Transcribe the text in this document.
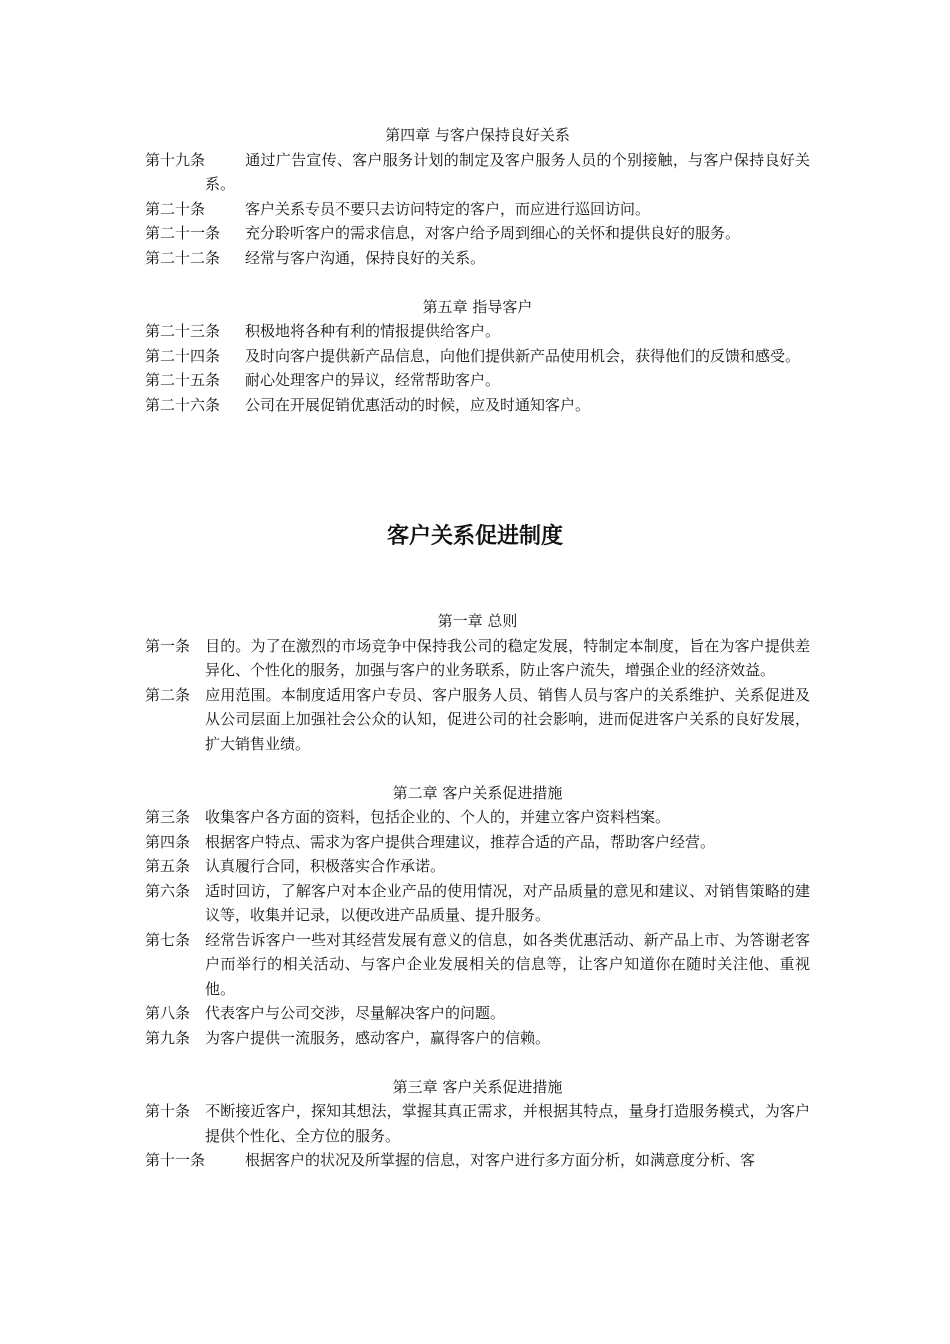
第四章 与客户保持良好关系

第十九条	通过广告宣传、客户服务计划的制定及客户服务人员的个别接触，与客户保持良好关系。

第二十条	客户关系专员不要只去访问特定的客户，而应进行巡回访问。
第二十一条	充分聆听客户的需求信息，对客户给予周到细心的关怀和提供良好的服务。
第二十二条	经常与客户沟通，保持良好的关系。

第五章 指导客户

第二十三条	积极地将各种有利的情报提供给客户。

第二十四条 及时向客户提供新产品信息，向他们提供新产品使用机会，获得他们的反馈和感受。

第二十五条	耐心处理客户的异议，经常帮助客户。
第二十六条	公司在开展促销优惠活动的时候，应及时通知客户。
客户关系促进制度

第一章 总则

第一条 目的。为了在激烈的市场竞争中保持我公司的稳定发展，特制定本制度，旨在为客户提供差异化、个性化的服务，加强与客户的业务联系，防止客户流失，增强企业的经济效益。

第二条 应用范围。本制度适用客户专员、客户服务人员、销售人员与客户的关系维护、关系促进及从公司层面上加强社会公众的认知，促进公司的社会影响，进而促进客户关系的良好发展，扩大销售业绩。

第二章 客户关系促进措施

第三条 收集客户各方面的资料，包括企业的、个人的，并建立客户资料档案。

第四条 根据客户特点、需求为客户提供合理建议，推荐合适的产品，帮助客户经营。

第五条 认真履行合同，积极落实合作承诺。

第六条 适时回访，了解客户对本企业产品的使用情况，对产品质量的意见和建议、对销售策略的建议等，收集并记录，以便改进产品质量、提升服务。

第七条 经常告诉客户一些对其经营发展有意义的信息，如各类优惠活动、新产品上市、为答谢老客户而举行的相关活动、与客户企业发展相关的信息等，让客户知道你在随时关注他、重视他。

第八条 代表客户与公司交涉，尽量解决客户的问题。

第九条 为客户提供一流服务，感动客户，赢得客户的信赖。

第三章 客户关系促进措施

第十条 不断接近客户，探知其想法，掌握其真正需求，并根据其特点，量身打造服务模式，为客户提供个性化、全方位的服务。

第十一条	根据客户的状况及所掌握的信息，对客户进行多方面分析，如满意度分析、客
